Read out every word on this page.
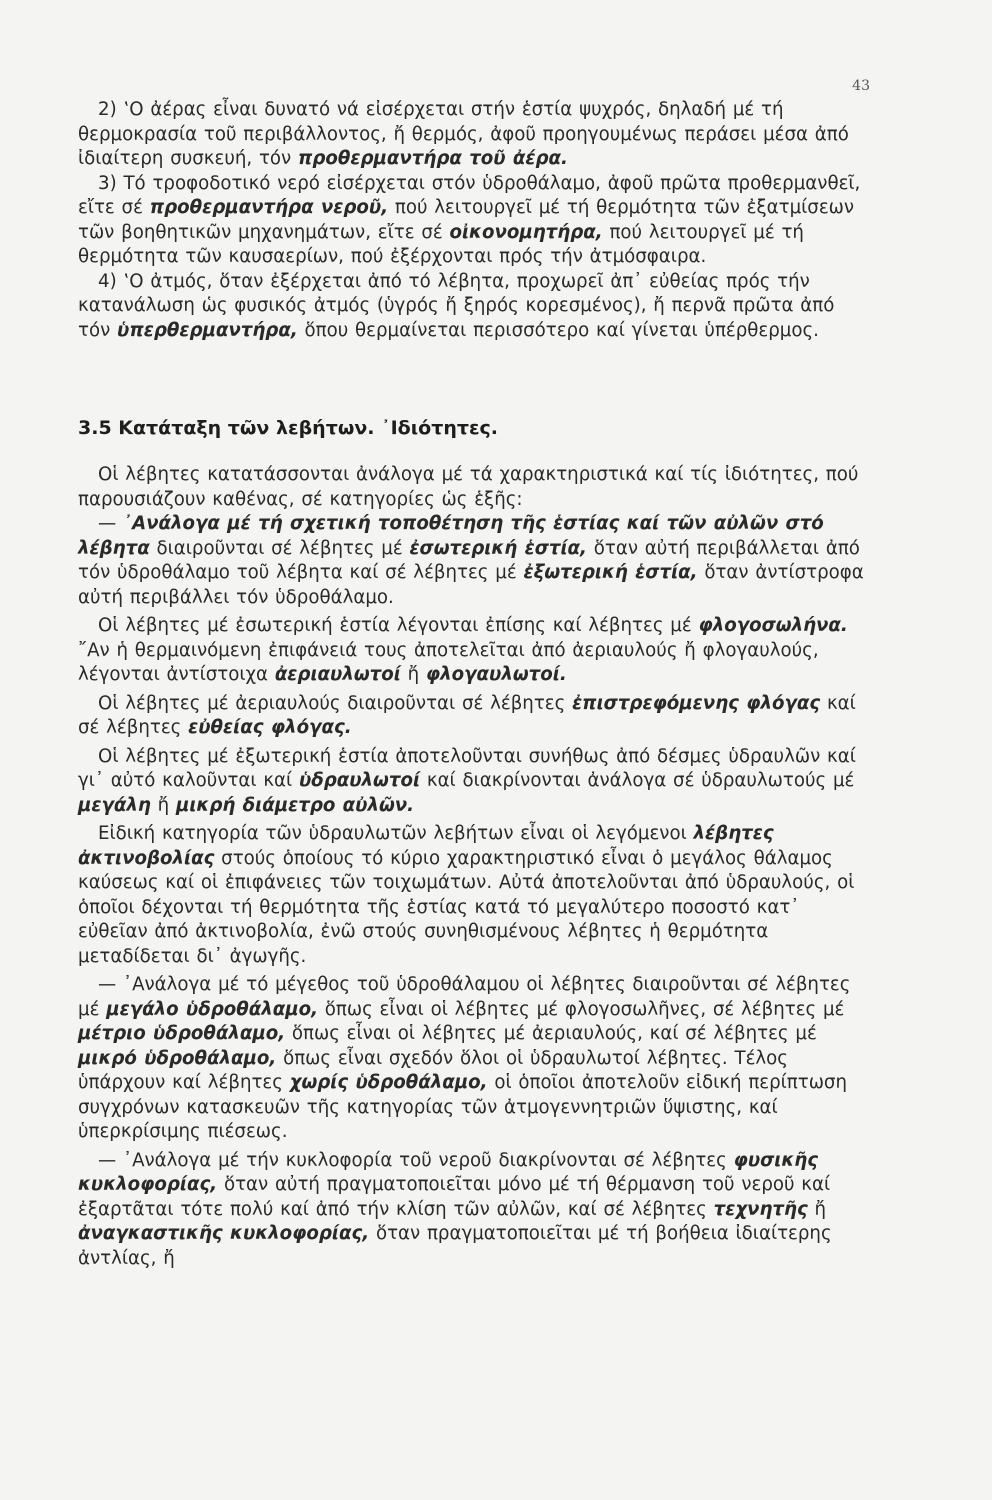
43

2) ‛Ο ἀέρας εἶναι δυνατό νά εἰσέρχεται στήν ἑστία ψυχρός, δηλαδή μέ τή θερμοκρασία τοῦ περιβάλλοντος, ἤ θερμός, ἀφοῦ προηγουμένως περάσει μέσα ἀπό ἰδιαίτερη συσκευή, τόν προθερμαντήρα τοῦ ἀέρα.

3) Τό τροφοδοτικό νερό εἰσέρχεται στόν ὑδροθάλαμο, ἀφοῦ πρῶτα προθερμανθεῖ, εἴτε σέ προθερμαντήρα νεροῦ, πού λειτουργεῖ μέ τή θερμότητα τῶν ἐξατμίσεων τῶν βοηθητικῶν μηχανημάτων, εἴτε σέ οἰκονομητήρα, πού λειτουργεῖ μέ τή θερμότητα τῶν καυσαερίων, πού ἐξέρχονται πρός τήν ἀτμόσφαιρα.

4) ‛Ο ἀτμός, ὅταν ἐξέρχεται ἀπό τό λέβητα, προχωρεῖ ἀπ᾽ εὐθείας πρός τήν κατανάλωση ὡς φυσικός ἀτμός (ὑγρός ἤ ξηρός κορεσμένος), ἤ περνᾶ πρῶτα ἀπό τόν ὑπερθερμαντήρα, ὅπου θερμαίνεται περισσότερο καί γίνεται ὑπέρθερμος.

3.5 Κατάταξη τῶν λεβήτων. ᾽Ιδιότητες.

Οἱ λέβητες κατατάσσονται ἀνάλογα μέ τά χαρακτηριστικά καί τίς ἰδιότητες, πού παρουσιάζουν καθένας, σέ κατηγορίες ὡς ἑξῆς:

— ᾽Ανάλογα μέ τή σχετική τοποθέτηση τῆς ἑστίας καί τῶν αὐλῶν στό λέβητα διαιροῦνται σέ λέβητες μέ ἐσωτερική ἑστία, ὅταν αὐτή περιβάλλεται ἀπό τόν ὑδροθάλαμο τοῦ λέβητα καί σέ λέβητες μέ ἐξωτερική ἑστία, ὅταν ἀντίστροφα αὐτή περιβάλλει τόν ὑδροθάλαμο.

Οἱ λέβητες μέ ἐσωτερική ἑστία λέγονται ἐπίσης καί λέβητες μέ φλογοσωλήνα. ῎Αν ἡ θερμαινόμενη ἐπιφάνειά τους ἀποτελεῖται ἀπό ἀεριαυλούς ἤ φλογαυλούς, λέγονται ἀντίστοιχα ἀεριαυλωτοί ἤ φλογαυλωτοί.

Οἱ λέβητες μέ ἀεριαυλούς διαιροῦνται σέ λέβητες ἐπιστρεφόμενης φλόγας καί σέ λέβητες εὐθείας φλόγας.

Οἱ λέβητες μέ ἐξωτερική ἑστία ἀποτελοῦνται συνήθως ἀπό δέσμες ὑδραυλῶν καί γι᾽ αὐτό καλοῦνται καί ὑδραυλωτοί καί διακρίνονται ἀνάλογα σέ ὑδραυλωτούς μέ μεγάλη ἤ μικρή διάμετρο αὐλῶν.

Εἰδική κατηγορία τῶν ὑδραυλωτῶν λεβήτων εἶναι οἱ λεγόμενοι λέβητες ἀκτινοβολίας στούς ὁποίους τό κύριο χαρακτηριστικό εἶναι ὁ μεγάλος θάλαμος καύσεως καί οἱ ἐπιφάνειες τῶν τοιχωμάτων. Αὐτά ἀποτελοῦνται ἀπό ὑδραυλούς, οἱ ὁποῖοι δέχονται τή θερμότητα τῆς ἑστίας κατά τό μεγαλύτερο ποσοστό κατ᾽ εὐθεῖαν ἀπό ἀκτινοβολία, ἐνῶ στούς συνηθισμένους λέβητες ἡ θερμότητα μεταδίδεται δι᾽ ἀγωγῆς.

— ᾽Ανάλογα μέ τό μέγεθος τοῦ ὑδροθάλαμου οἱ λέβητες διαιροῦνται σέ λέβητες μέ μεγάλο ὑδροθάλαμο, ὅπως εἶναι οἱ λέβητες μέ φλογοσωλῆνες, σέ λέβητες μέ μέτριο ὑδροθάλαμο, ὅπως εἶναι οἱ λέβητες μέ ἀεριαυλούς, καί σέ λέβητες μέ μικρό ὑδροθάλαμο, ὅπως εἶναι σχεδόν ὅλοι οἱ ὑδραυλωτοί λέβητες. Τέλος ὑπάρχουν καί λέβητες χωρίς ὑδροθάλαμο, οἱ ὁποῖοι ἀποτελοῦν εἰδική περίπτωση συγχρόνων κατασκευῶν τῆς κατηγορίας τῶν ἀτμογεννητριῶν ὕψιστης, καί ὑπερκρίσιμης πιέσεως.

— ᾽Ανάλογα μέ τήν κυκλοφορία τοῦ νεροῦ διακρίνονται σέ λέβητες φυσικῆς κυκλοφορίας, ὅταν αὐτή πραγματοποιεῖται μόνο μέ τή θέρμανση τοῦ νεροῦ καί ἐξαρτᾶται τότε πολύ καί ἀπό τήν κλίση τῶν αὐλῶν, καί σέ λέβητες τεχνητῆς ἤ ἀναγκαστικῆς κυκλοφορίας, ὅταν πραγματοποιεῖται μέ τή βοήθεια ἰδιαίτερης ἀντλίας, ἤ
